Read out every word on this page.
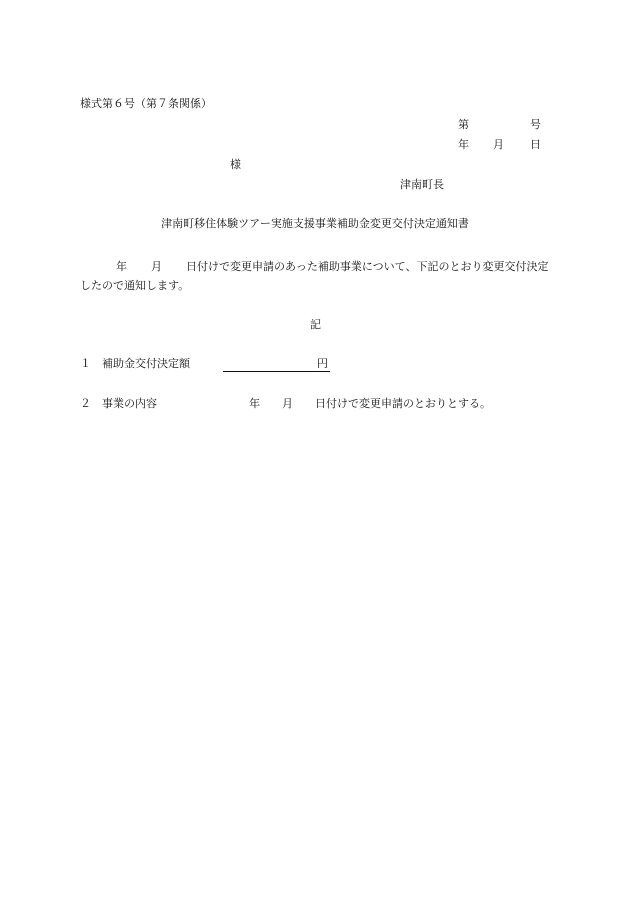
様式第６号（第７条関係）
第	号
年 月 日
様
津南町長
津南町移住体験ツアー実施支援事業補助金変更交付決定通知書
年 月 日付けで変更申請のあった補助事業について、下記のとおり変更交付決定したので通知します。
記
１ 補助金交付決定額	円
２ 事業の内容	年 月 日付けで変更申請のとおりとする。
